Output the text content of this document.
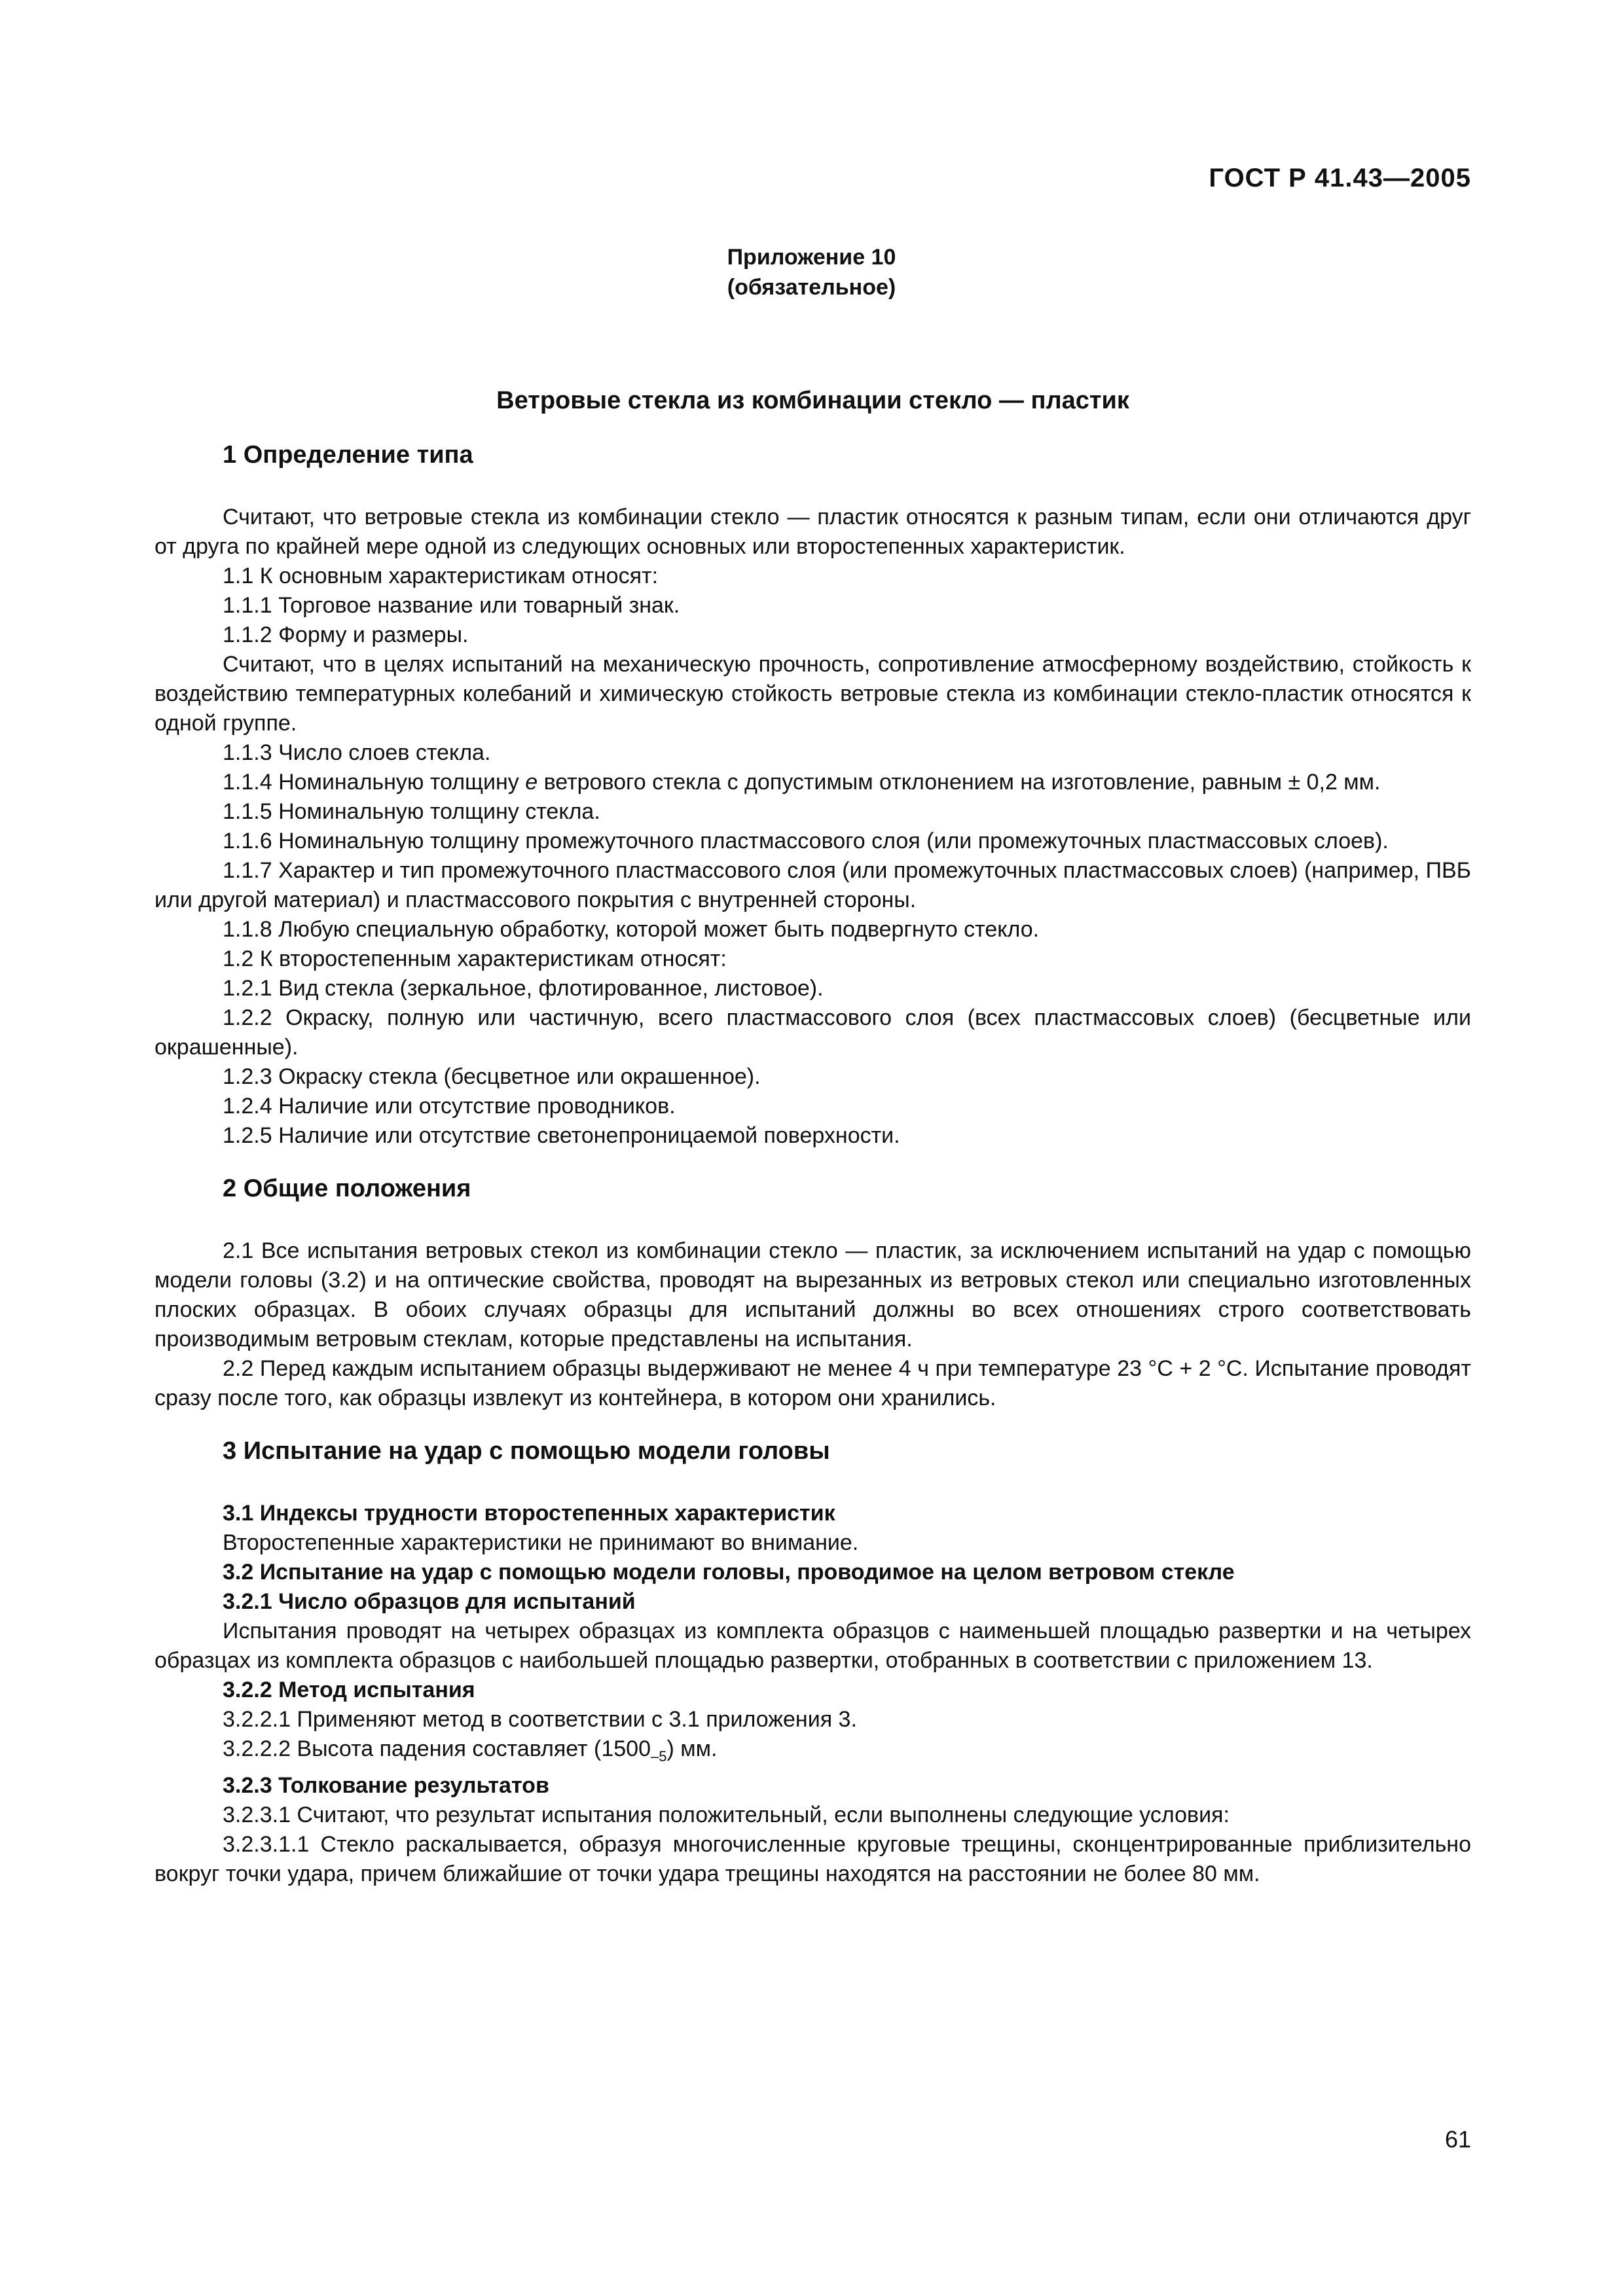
ГОСТ Р 41.43—2005
Приложение 10
(обязательное)
Ветровые стекла из комбинации стекло — пластик
1 Определение типа

Считают, что ветровые стекла из комбинации стекло — пластик относятся к разным типам, если они отличаются друг от друга по крайней мере одной из следующих основных или второстепенных характеристик.

1.1 К основным характеристикам относят:

1.1.1 Торговое название или товарный знак.

1.1.2 Форму и размеры.

Считают, что в целях испытаний на механическую прочность, сопротивление атмосферному воздействию, стойкость к воздействию температурных колебаний и химическую стойкость ветровые стекла из комбинации стекло-пластик относятся к одной группе.

1.1.3 Число слоев стекла.

1.1.4 Номинальную толщину е ветрового стекла с допустимым отклонением на изготовление, равным ± 0,2 мм.

1.1.5 Номинальную толщину стекла.

1.1.6 Номинальную толщину промежуточного пластмассового слоя (или промежуточных пластмассовых слоев).

1.1.7 Характер и тип промежуточного пластмассового слоя (или промежуточных пластмассовых слоев) (например, ПВБ или другой материал) и пластмассового покрытия с внутренней стороны.

1.1.8 Любую специальную обработку, которой может быть подвергнуто стекло.

1.2 К второстепенным характеристикам относят:

1.2.1 Вид стекла (зеркальное, флотированное, листовое).

1.2.2 Окраску, полную или частичную, всего пластмассового слоя (всех пластмассовых слоев) (бесцветные или окрашенные).

1.2.3 Окраску стекла (бесцветное или окрашенное).

1.2.4 Наличие или отсутствие проводников.

1.2.5 Наличие или отсутствие светонепроницаемой поверхности.

2 Общие положения

2.1 Все испытания ветровых стекол из комбинации стекло — пластик, за исключением испытаний на удар с помощью модели головы (3.2) и на оптические свойства, проводят на вырезанных из ветровых стекол или специально изготовленных плоских образцах. В обоих случаях образцы для испытаний должны во всех отношениях строго соответствовать производимым ветровым стеклам, которые представлены на испытания.

2.2 Перед каждым испытанием образцы выдерживают не менее 4 ч при температуре 23 °С + 2 °С. Испытание проводят сразу после того, как образцы извлекут из контейнера, в котором они хранились.

3 Испытание на удар с помощью модели головы

3.1 Индексы трудности второстепенных характеристик

Второстепенные характеристики не принимают во внимание.

3.2 Испытание на удар с помощью модели головы, проводимое на целом ветровом стекле

3.2.1 Число образцов для испытаний

Испытания проводят на четырех образцах из комплекта образцов с наименьшей площадью развертки и на четырех образцах из комплекта образцов с наибольшей площадью развертки, отобранных в соответствии с приложением 13.

3.2.2 Метод испытания

3.2.2.1 Применяют метод в соответствии с 3.1 приложения 3.

3.2.2.2 Высота падения составляет $(1500_{-5})$ мм.

3.2.3 Толкование результатов

3.2.3.1 Считают, что результат испытания положительный, если выполнены следующие условия:

3.2.3.1.1 Стекло раскалывается, образуя многочисленные круговые трещины, сконцентрированные приблизительно вокруг точки удара, причем ближайшие от точки удара трещины находятся на расстоянии не более 80 мм.

61
